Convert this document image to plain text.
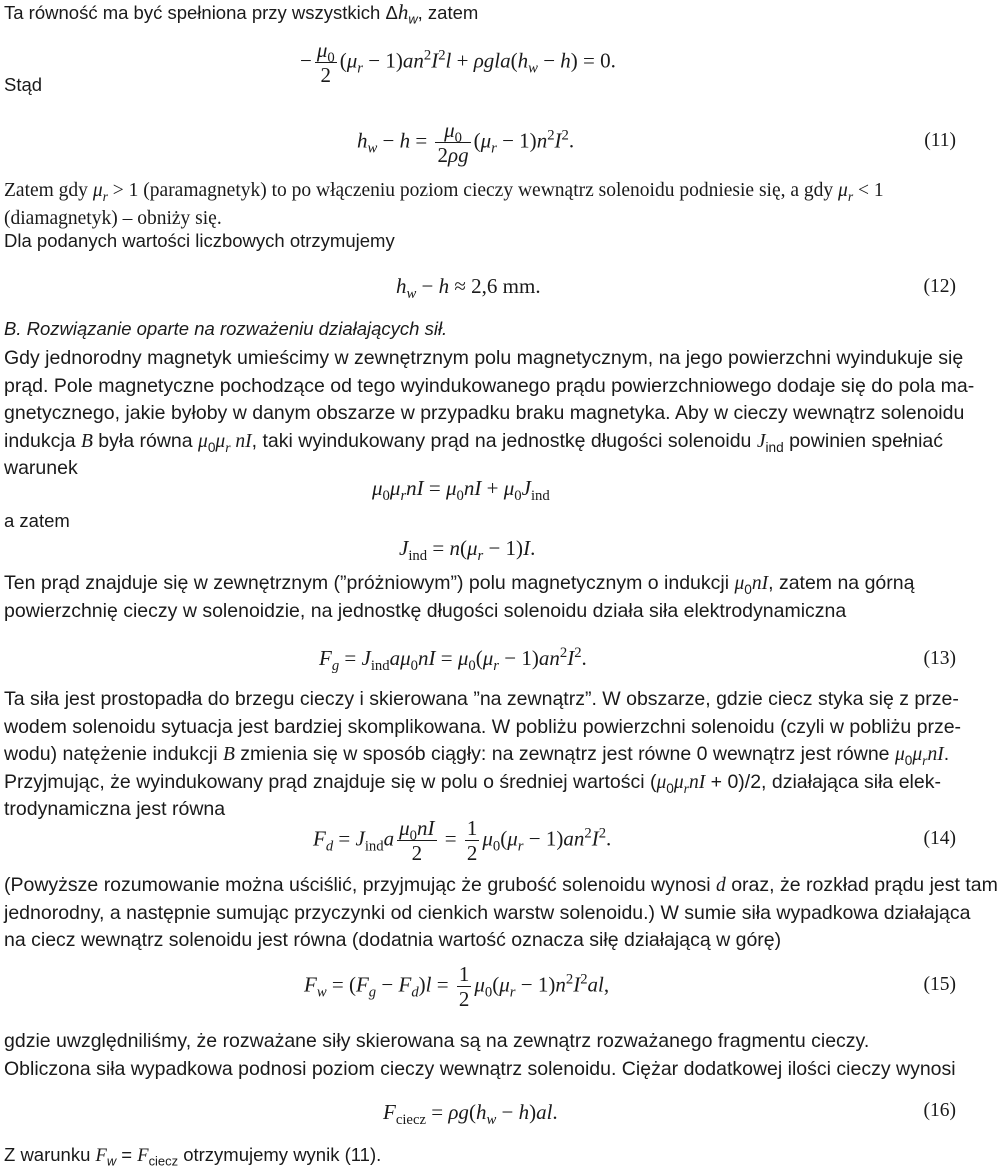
Ta równość ma być spełniona przy wszystkich $\Delta h_w$, zatem
− $\frac{\mu_0}{2} (\mu_r - 1)an^2I^2l + \rho gla(h_w - h) = 0$.
Stąd
$h_w - h = \frac{\mu_0}{2\rho g} (\mu_r - 1)n^2I^2$.	(11)
Zatem gdy $\mu_r > 1$ (paramagnetyk) to po włączeniu poziom cieczy wewnątrz solenoidu podniesie się, a gdy $\mu_r < 1$
(diamagnetyk) – obniży się.
Dla podanych wartości liczbowych otrzymujemy
$h_w - h \approx 2,6$ mm.	(12)
B. Rozwiązanie oparte na rozważeniu działających sił.
Gdy jednorodny magnetyk umieścimy w zewnętrznym polu magnetycznym, na jego powierzchni wyindukuje się
prąd. Pole magnetyczne pochodzące od tego wyindukowanego prądu powierzchniowego dodaje się do pola ma-
gnetycznego, jakie byłoby w danym obszarze w przypadku braku magnetyka. Aby w cieczy wewnątrz solenoidu
indukcja B była równa $\mu_0\mu_r$ nI, taki wyindukowany prąd na jednostkę długości solenoidu $J_{ind}$ powinien spełniać
warunek
$\mu_0\mu_rnI = \mu_0nI + \mu_0J_{ind}$
a zatem
$J_{ind} = n(\mu_r - 1)I$.
Ten prąd znajduje się w zewnętrznym (”próżniowym”) polu magnetycznym o indukcji $\mu_0nI$, zatem na górną
powierzchnię cieczy w solenoidzie, na jednostkę długości solenoidu działa siła elektrodynamiczna
$F_g = J_{ind}a\mu_0nI = \mu_0(\mu_r - 1)an^2I^2$.	(13)
Ta siła jest prostopadła do brzegu cieczy i skierowana ”na zewnątrz”. W obszarze, gdzie ciecz styka się z prze-
wodem solenoidu sytuacja jest bardziej skomplikowana. W pobliżu powierzchni solenoidu (czyli w pobliżu prze-
wodu) natężenie indukcji B zmienia się w sposób ciągły: na zewnątrz jest równe 0 wewnątrz jest równe $\mu_0\mu_rnI$.
Przyjmując, że wyindukowany prąd znajduje się w polu o średniej wartości $(\mu_0\mu_rnI + 0)/2$, działająca siła elek-
trodynamiczna jest równa
$F_d = J_{ind}a \frac{\mu_0nI}{2} = \frac{1}{2} \mu_0(\mu_r - 1)an^2I^2$.	(14)
(Powyższe rozumowanie można uściślić, przyjmując że grubość solenoidu wynosi d oraz, że rozkład prądu jest tam
jednorodny, a następnie sumując przyczynki od cienkich warstw solenoidu.) W sumie siła wypadkowa działająca
na ciecz wewnątrz solenoidu jest równa (dodatnia wartość oznacza siłę działającą w górę)
$F_w = (F_g - F_d)l = \frac{1}{2} \mu_0(\mu_r - 1)n^2I^2al$,	(15)
gdzie uwzględniliśmy, że rozważane siły skierowana są na zewnątrz rozważanego fragmentu cieczy.
Obliczona siła wypadkowa podnosi poziom cieczy wewnątrz solenoidu. Ciężar dodatkowej ilości cieczy wynosi
$F_{ciecz} = \rho g(h_w - h)al$.	(16)
Z warunku $F_w = F_{ciecz}$ otrzymujemy wynik (11).
